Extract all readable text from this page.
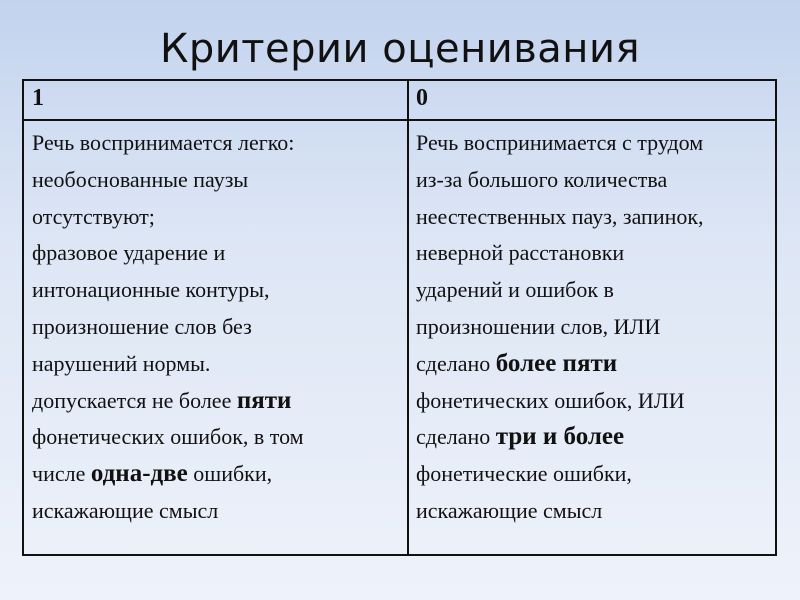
Критерии оценивания
1	0
Речь воспринимается легко:
необоснованные паузы
отсутствуют;
фразовое ударение и
интонационные контуры,
произношение слов без
нарушений нормы.
допускается не более пяти
фонетических ошибок, в том
числе одна-две ошибки,
искажающие смысл
Речь воспринимается с трудом
из-за большого количества
неестественных пауз, запинок,
неверной расстановки
ударений и ошибок в
произношении слов, ИЛИ
сделано более пяти
фонетических ошибок, ИЛИ
сделано три и более
фонетические ошибки,
искажающие смысл
